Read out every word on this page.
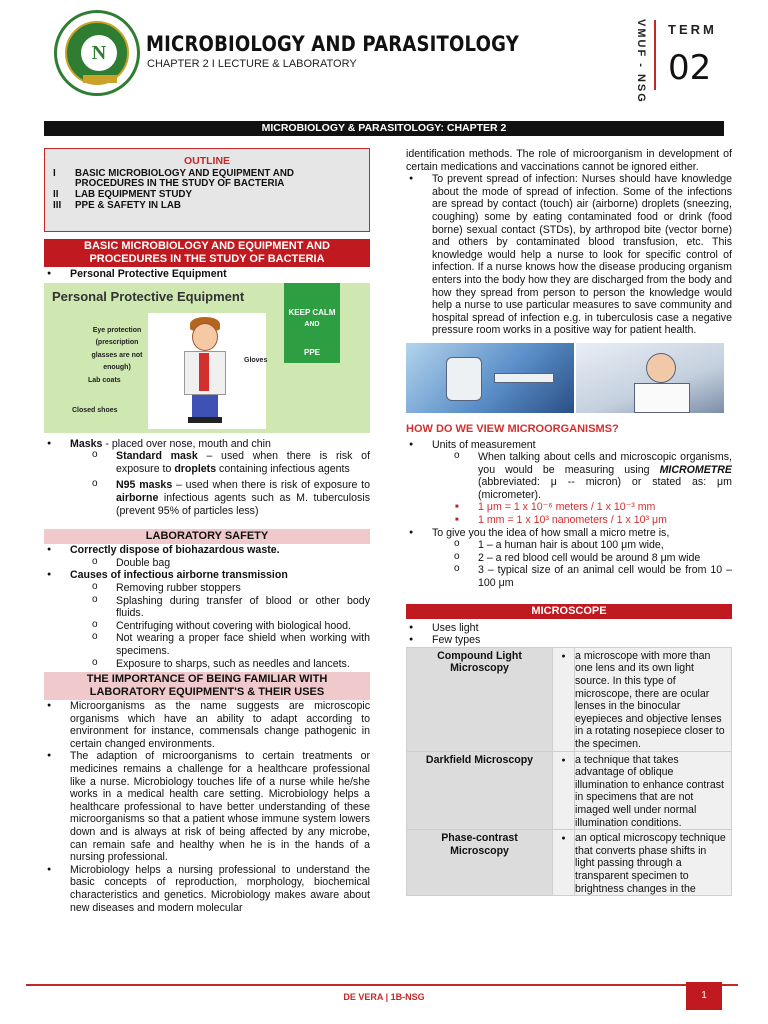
N	MICROBIOLOGY AND PARASITOLOGY
CHAPTER 2 I LECTURE & LABORATORY	VMUF - NSG TERM
02
MICROBIOLOGY & PARASITOLOGY: CHAPTER 2
OUTLINE
I	BASIC MICROBIOLOGY AND EQUIPMENT AND PROCEDURES IN THE STUDY OF BACTERIA
II	LAB EQUIPMENT STUDY
III	PPE & SAFETY IN LAB
BASIC MICROBIOLOGY AND EQUIPMENT AND PROCEDURES IN THE STUDY OF BACTERIA
● Personal Protective Equipment
Personal Protective Equipment
Eye protection (prescription glasses are not enough)
Gloves
Lab coats
Closed shoes
KEEP CALM
AND
PPE
● Masks - placed over nose, mouth and chin
o Standard mask – used when there is risk of exposure to droplets containing infectious agents
o N95 masks – used when there is risk of exposure to airborne infectious agents such as M. tuberculosis (prevent 95% of particles less)
LABORATORY SAFETY
● Correctly dispose of biohazardous waste.
o Double bag
● Causes of infectious airborne transmission
o Removing rubber stoppers
o Splashing during transfer of blood or other body fluids.
o Centrifuging without covering with biological hood.
o Not wearing a proper face shield when working with specimens.
o Exposure to sharps, such as needles and lancets.
THE IMPORTANCE OF BEING FAMILIAR WITH LABORATORY EQUIPMENT'S & THEIR USES
● Microorganisms as the name suggests are microscopic organisms which have an ability to adapt according to environment for instance, commensals change pathogenic in certain changed environments.
● The adaption of microorganisms to certain treatments or medicines remains a challenge for a healthcare professional like a nurse. Microbiology touches life of a nurse while he/she works in a medical health care setting. Microbiology helps a healthcare professional to have better understanding of these microorganisms so that a patient whose immune system lowers down and is always at risk of being affected by any microbe, can remain safe and healthy when he is in the hands of a nursing professional.
● Microbiology helps a nursing professional to understand the basic concepts of reproduction, morphology, biochemical characteristics and genetics. Microbiology makes aware about new diseases and modern molecular
identification methods. The role of microorganism in development of certain medications and vaccinations cannot be ignored either.
● To prevent spread of infection: Nurses should have knowledge about the mode of spread of infection. Some of the infections are spread by contact (touch) air (airborne) droplets (sneezing, coughing) some by eating contaminated food or drink (food borne) sexual contact (STDs), by arthropod bite (vector borne) and others by contaminated blood transfusion, etc. This knowledge would help a nurse to look for specific control of infection. If a nurse knows how the disease producing organism enters into the body how they are discharged from the body and how they spread from person to person the knowledge would help a nurse to use particular measures to save community and hospital spread of infection e.g. in tuberculosis case a negative pressure room works in a positive way for patient health.
HOW DO WE VIEW MICROORGANISMS?
● Units of measurement
o When talking about cells and microscopic organisms, you would be measuring using MICROMETRE (abbreviated: μ -- micron) or stated as: μm (micrometer).
■ 1 μm = 1 x 10⁻⁶ meters / 1 x 10⁻³ mm
■ 1 mm = 1 x 10³ nanometers / 1 x 10³ μm
● To give you the idea of how small a micro metre is,
o 1 – a human hair is about 100 μm wide,
o 2 – a red blood cell would be around 8 μm wide
o 3 – typical size of an animal cell would be from 10 – 100 μm
MICROSCOPE
● Uses light
● Few types
Compound Light Microscopy	●	a microscope with more than one lens and its own light source. In this type of microscope, there are ocular lenses in the binocular eyepieces and objective lenses in a rotating nosepiece closer to the specimen.
Darkfield Microscopy	●	a technique that takes advantage of oblique illumination to enhance contrast in specimens that are not imaged well under normal illumination conditions.
Phase-contrast Microscopy	●	an optical microscopy technique that converts phase shifts in light passing through a transparent specimen to brightness changes in the
DE VERA | 1B-NSG	1
